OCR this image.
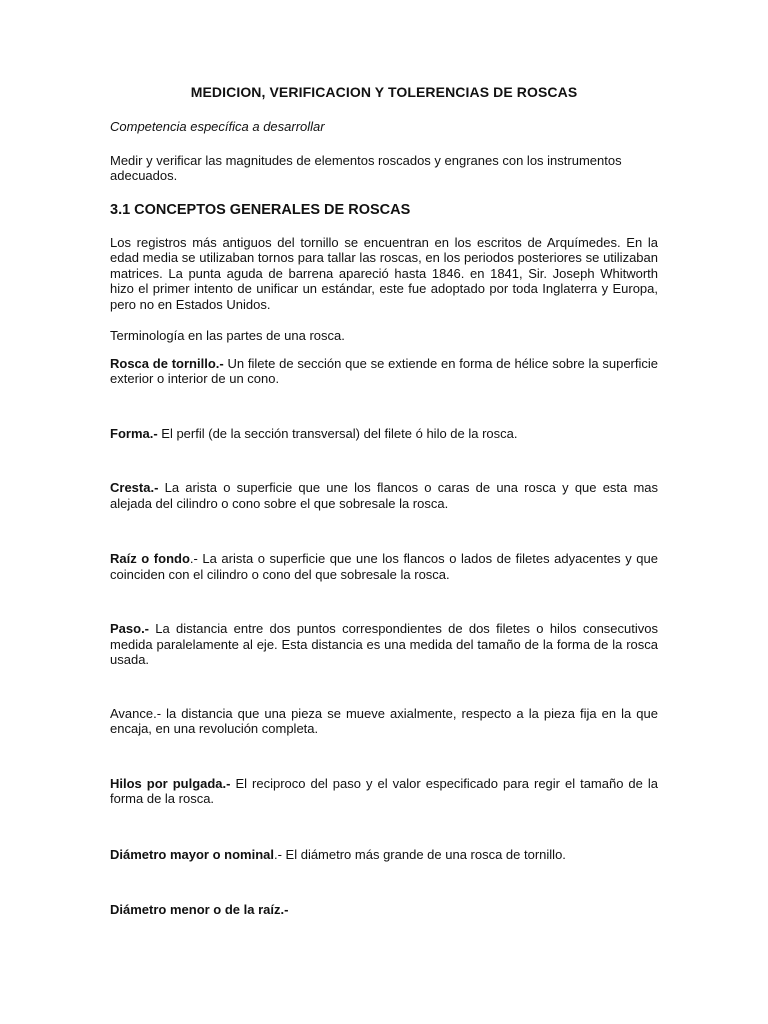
MEDICION, VERIFICACION Y TOLERENCIAS DE ROSCAS
Competencia específica a desarrollar
Medir y verificar las magnitudes de elementos roscados y engranes con los instrumentos adecuados.
3.1 CONCEPTOS GENERALES DE ROSCAS
Los registros más antiguos del tornillo se encuentran en los escritos de Arquímedes. En la edad media se utilizaban tornos para tallar las roscas, en los periodos posteriores se utilizaban matrices. La punta aguda de barrena apareció hasta 1846. en 1841, Sir. Joseph Whitworth hizo el primer intento de unificar un estándar, este fue adoptado por toda Inglaterra y Europa, pero no en Estados Unidos.
Terminología en las partes de una rosca.
Rosca de tornillo.- Un filete de sección que se extiende en forma de hélice sobre la superficie exterior o interior de un cono.
Forma.- El perfil (de la sección transversal) del filete ó hilo de la rosca.
Cresta.- La arista o superficie que une los flancos o caras de una rosca y que esta mas alejada del cilindro o cono sobre el que sobresale la rosca.
Raíz o fondo.- La arista o superficie que une los flancos o lados de filetes adyacentes y que coinciden con el cilindro o cono del que sobresale la rosca.
Paso.- La distancia entre dos puntos correspondientes de dos filetes o hilos consecutivos medida paralelamente al eje. Esta distancia es una medida del tamaño de la forma de la rosca usada.
Avance.- la distancia que una pieza se mueve axialmente, respecto a la pieza fija en la que encaja, en una revolución completa.
Hilos por pulgada.- El reciproco del paso y el valor especificado para regir el tamaño de la forma de la rosca.
Diámetro mayor o nominal.- El diámetro más grande de una rosca de tornillo.
Diámetro menor o de la raíz.-
